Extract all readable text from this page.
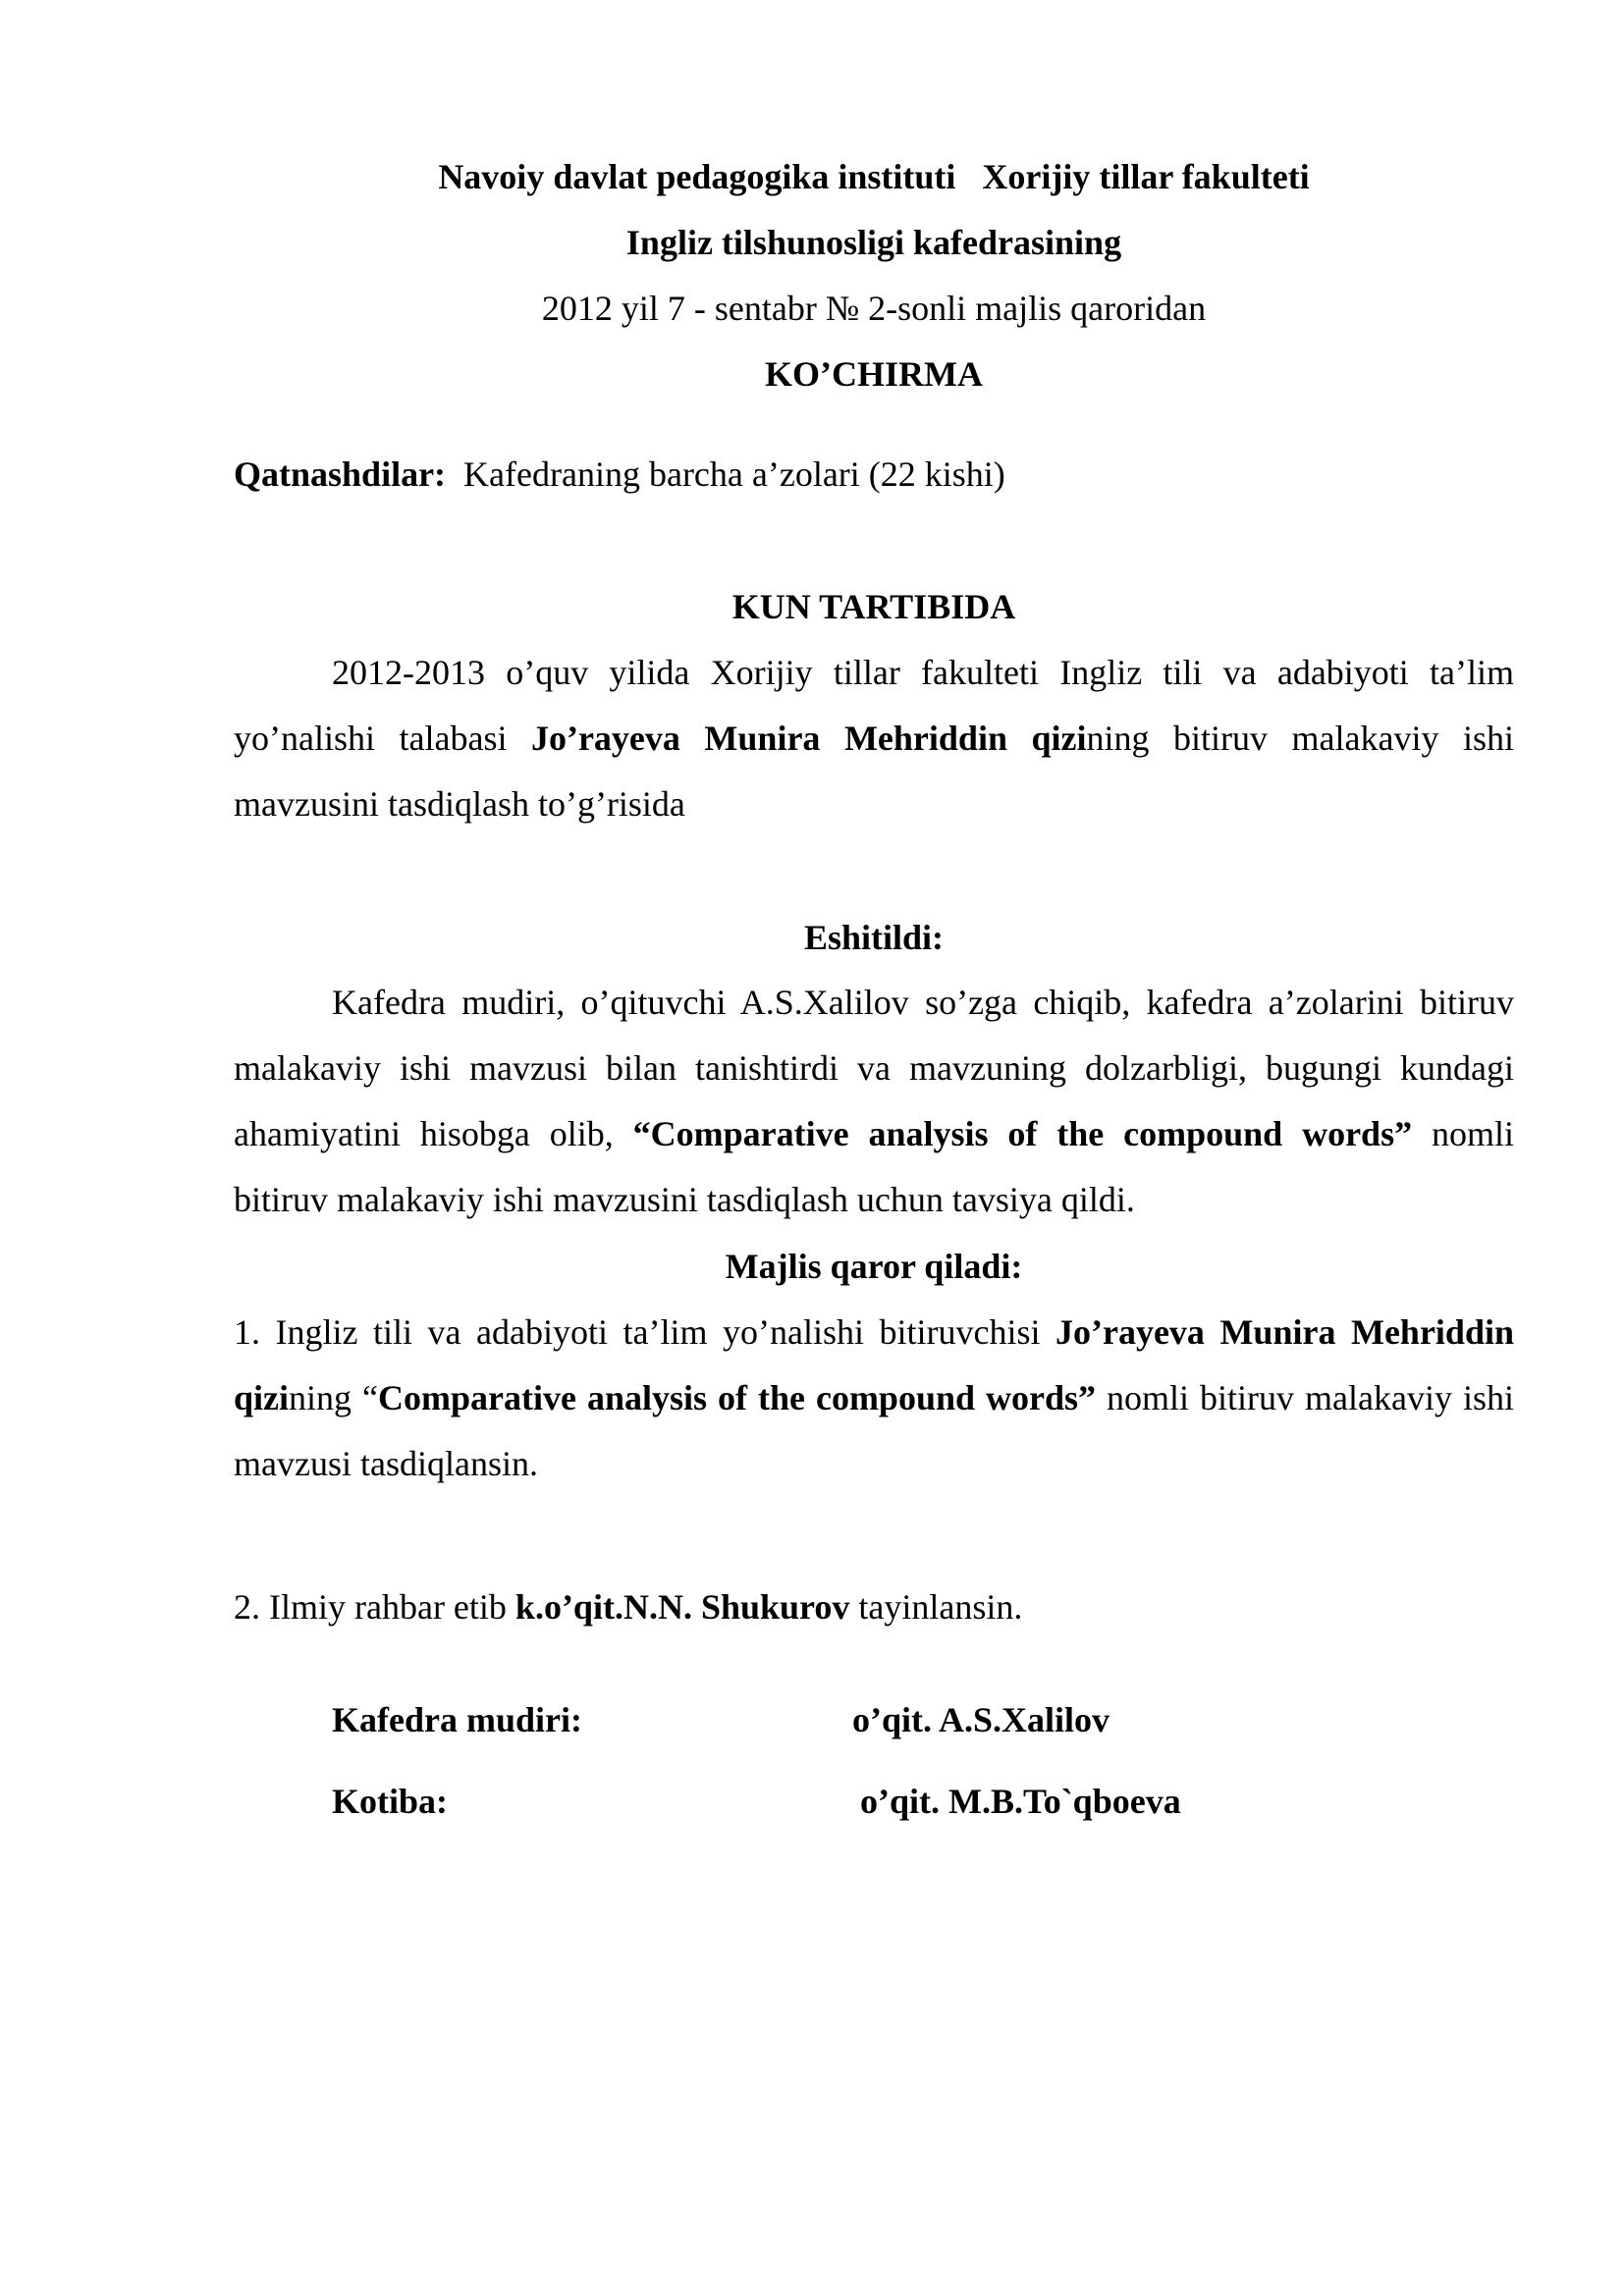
Navoiy davlat pedagogika instituti Xorijiy tillar fakulteti
Ingliz tilshunosligi kafedrasining
2012 yil 7 - sentabr № 2-sonli majlis qaroridan
KO’CHIRMA
Qatnashdilar: Kafedraning barcha a’zolari (22 kishi)
KUN TARTIBIDA
2012-2013 o’quv yilida Xorijiy tillar fakulteti Ingliz tili va adabiyoti ta’lim yo’nalishi talabasi Jo’rayeva Munira Mehriddin qizining bitiruv malakaviy ishi mavzusini tasdiqlash to’g’risida
Eshitildi:
Kafedra mudiri, o’qituvchi A.S.Xalilov so’zga chiqib, kafedra a’zolarini bitiruv malakaviy ishi mavzusi bilan tanishtirdi va mavzuning dolzarbligi, bugungi kundagi ahamiyatini hisobga olib, “Comparative analysis of the compound words” nomli bitiruv malakaviy ishi mavzusini tasdiqlash uchun tavsiya qildi.
Majlis qaror qiladi:
1. Ingliz tili va adabiyoti ta’lim yo’nalishi bitiruvchisi Jo’rayeva Munira Mehriddin qizining “Comparative analysis of the compound words” nomli bitiruv malakaviy ishi mavzusi tasdiqlansin.
2. Ilmiy rahbar etib k.o’qit.N.N. Shukurov tayinlansin.
Kafedra mudiri:	o’qit. A.S.Xalilov
Kotiba:	o’qit. M.B.To`qboeva
